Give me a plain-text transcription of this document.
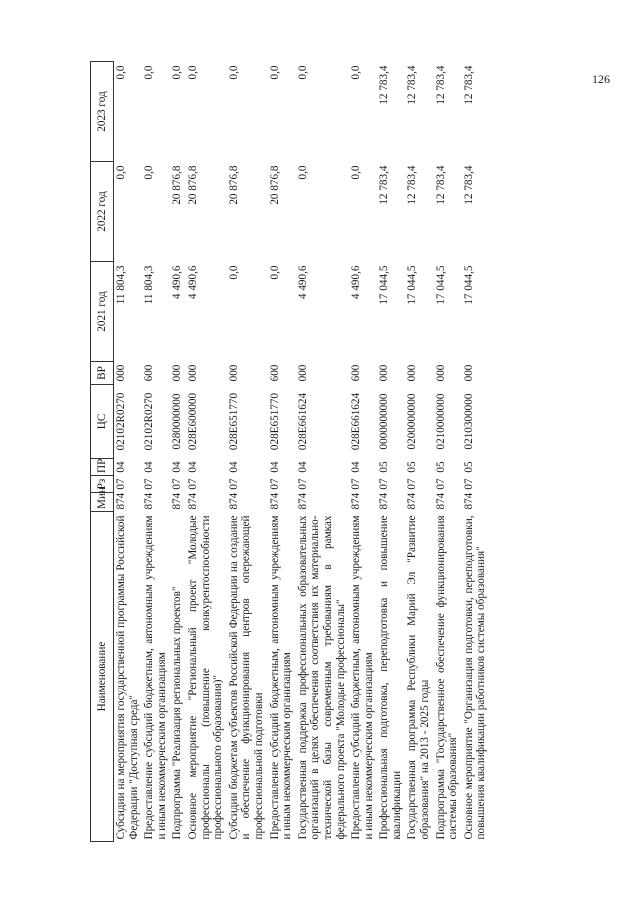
126
Наименование	Мин	Рз	ПР	ЦС	ВР	2021 год	2022 год	2023 год
Субсидии на мероприятия государственной программы Российской Федерации "Доступная среда"	874	07	04	02102R0270	000	11 804,3	0,0	0,0
Предоставление субсидий бюджетным, автономным учреждениям и иным некоммерческим организациям	874	07	04	02102R0270	600	11 804,3	0,0	0,0
Подпрограмма "Реализация региональных проектов"	874	07	04	0280000000	000	4 490,6	20 876,8	0,0
Основное мероприятие "Региональный проект "Молодые профессионалы (повышение конкурентоспособности профессионального образования)"	874	07	04	028E600000	000	4 490,6	20 876,8	0,0
Субсидии бюджетам субъектов Российской Федерации на создание и обеспечение функционирования центров опережающей профессиональной подготовки	874	07	04	028E651770	000	0,0	20 876,8	0,0
Предоставление субсидий бюджетным, автономным учреждениям и иным некоммерческим организациям	874	07	04	028E651770	600	0,0	20 876,8	0,0
Государственная поддержка профессиональных образовательных организаций в целях обеспечения соответствия их материально-технической базы современным требованиям в рамках федерального проекта "Молодые профессионалы"	874	07	04	028E661624	000	4 490,6	0,0	0,0
Предоставление субсидий бюджетным, автономным учреждениям и иным некоммерческим организациям	874	07	04	028E661624	600	4 490,6	0,0	0,0
Профессиональная подготовка, переподготовка и повышение квалификации	874	07	05	0000000000	000	17 044,5	12 783,4	12 783,4
Государственная программа Республики Марий Эл "Развитие образования" на 2013 - 2025 годы	874	07	05	0200000000	000	17 044,5	12 783,4	12 783,4
Подпрограмма "Государственное обеспечение функционирования системы образования"	874	07	05	0210000000	000	17 044,5	12 783,4	12 783,4
Основное мероприятие "Организация подготовки, переподготовки, повышения квалификации работников системы образования"	874	07	05	0210300000	000	17 044,5	12 783,4	12 783,4
